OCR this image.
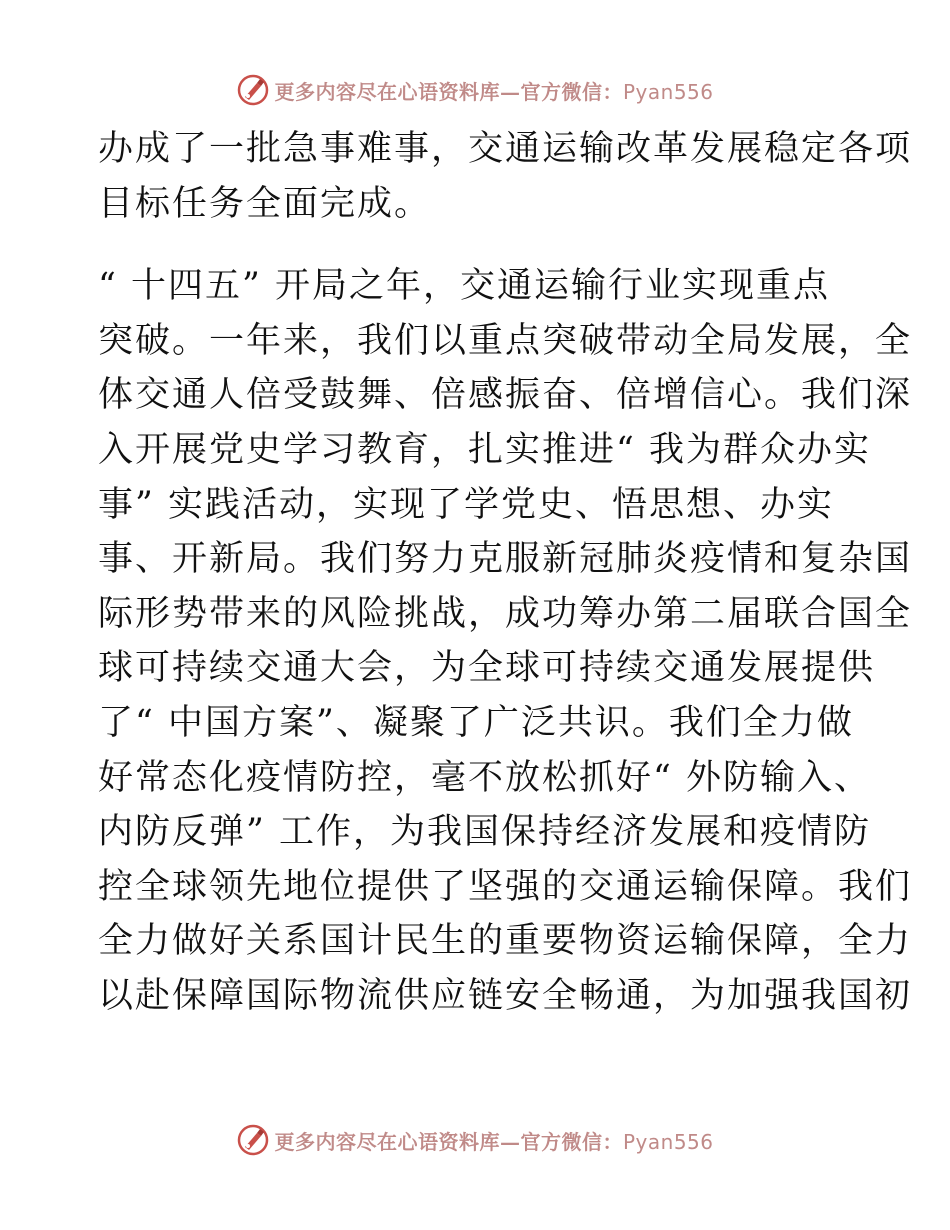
更多内容尽在心语资料库—官方微信：Pyan556
办成了一批急事难事，交通运输改革发展稳定各项
目标任务全面完成。
“ 十四五” 开局之年，交通运输行业实现重点
突破。一年来，我们以重点突破带动全局发展，全
体交通人倍受鼓舞、倍感振奋、倍增信心。我们深
入开展党史学习教育，扎实推进“ 我为群众办实
事” 实践活动，实现了学党史、悟思想、办实
事、开新局。我们努力克服新冠肺炎疫情和复杂国
际形势带来的风险挑战，成功筹办第二届联合国全
球可持续交通大会，为全球可持续交通发展提供
了“ 中国方案”、凝聚了广泛共识。我们全力做
好常态化疫情防控，毫不放松抓好“ 外防输入、
内防反弹” 工作，为我国保持经济发展和疫情防
控全球领先地位提供了坚强的交通运输保障。我们
全力做好关系国计民生的重要物资运输保障，全力
以赴保障国际物流供应链安全畅通，为加强我国初
更多内容尽在心语资料库—官方微信：Pyan556
